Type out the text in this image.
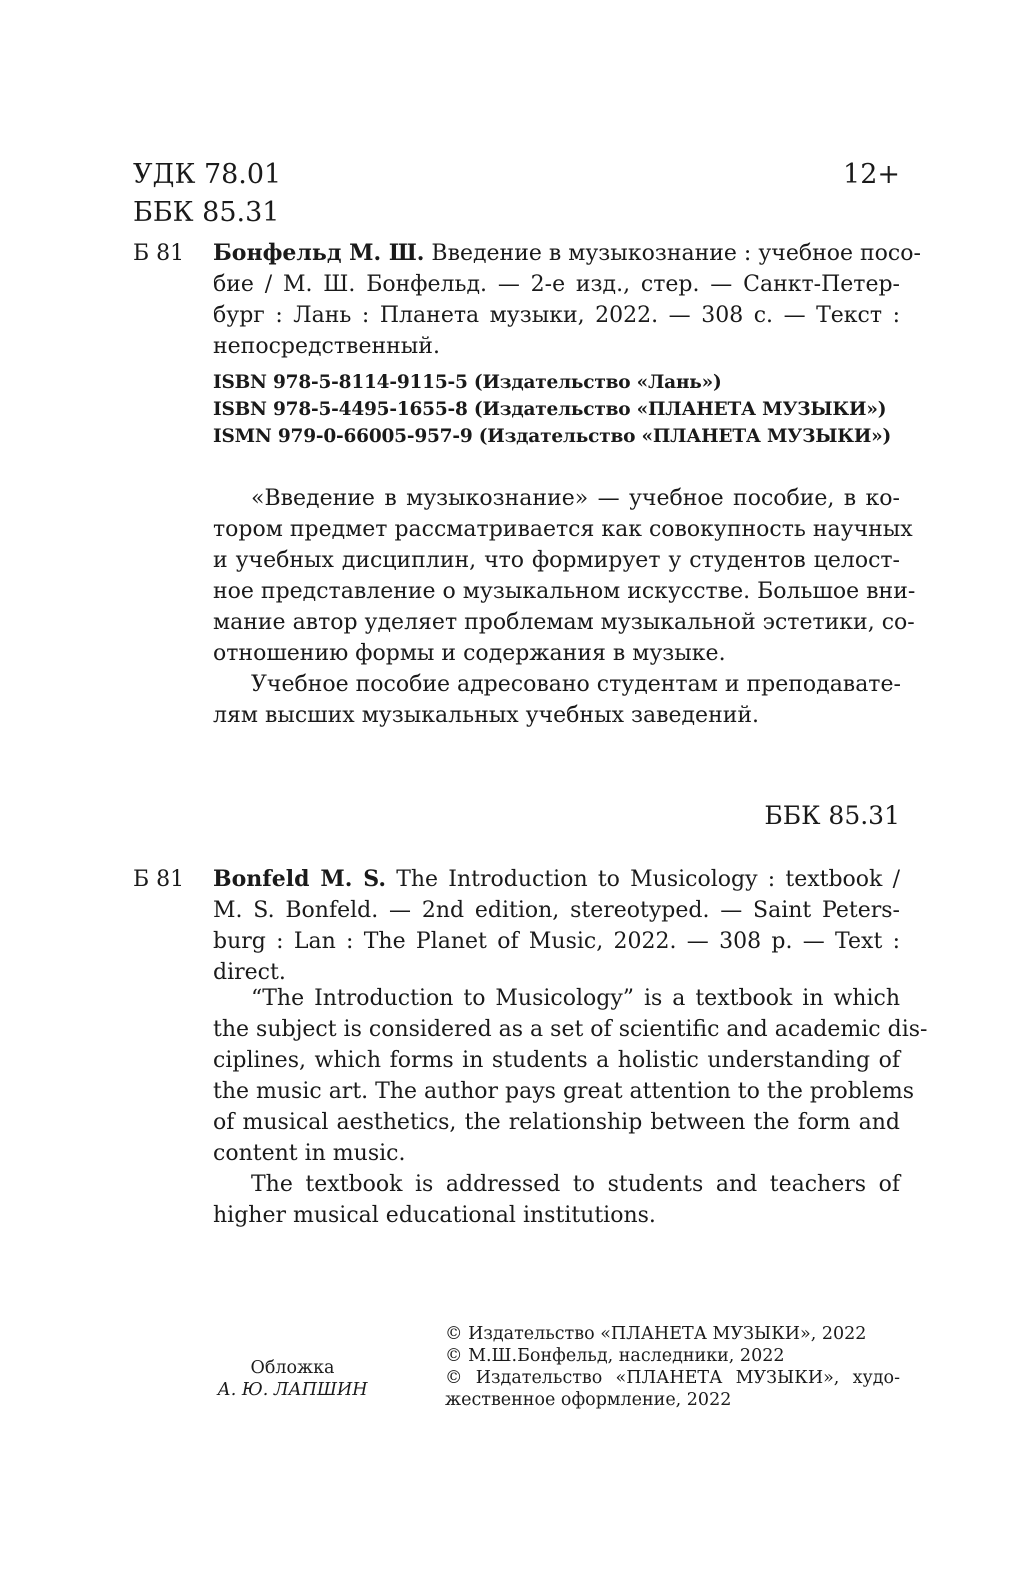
УДК 78.01	12+
ББК 85.31
Б 81 Бонфельд М. Ш. Введение в музыкознание : учебное посо-
бие / М. Ш. Бонфельд. — 2-е изд., стер. — Санкт-Петер-
бург : Лань : Планета музыки, 2022. — 308 с. — Текст :
непосредственный.
ISBN 978-5-8114-9115-5 (Издательство «Лань»)
ISBN 978-5-4495-1655-8 (Издательство «ПЛАНЕТА МУЗЫКИ»)
ISMN 979-0-66005-957-9 (Издательство «ПЛАНЕТА МУЗЫКИ»)
«Введение в музыкознание» — учебное пособие, в ко-
тором предмет рассматривается как совокупность научных
и учебных дисциплин, что формирует у студентов целост-
ное представление о музыкальном искусстве. Большое вни-
мание автор уделяет проблемам музыкальной эстетики, со-
отношению формы и содержания в музыке.
Учебное пособие адресовано студентам и преподавате-
лям высших музыкальных учебных заведений.
ББК 85.31
Б 81 Bonfeld M. S. The Introduction to Musicology : textbook /
M. S. Bonfeld. — 2nd edition, stereotyped. — Saint Peters-
burg : Lan : The Planet of Music, 2022. — 308 p. — Text :
direct.
“The Introduction to Musicology” is a textbook in which
the subject is considered as a set of scientific and academic dis-
ciplines, which forms in students a holistic understanding of
the music art. The author pays great attention to the problems
of musical aesthetics, the relationship between the form and
content in music.
The textbook is addressed to students and teachers of
higher musical educational institutions.
Обложка
А. Ю. ЛАПШИН
© Издательство «ПЛАНЕТА МУЗЫКИ», 2022
© М.Ш.Бонфельд, наследники, 2022
© Издательство «ПЛАНЕТА МУЗЫКИ», худо-
жественное оформление, 2022
